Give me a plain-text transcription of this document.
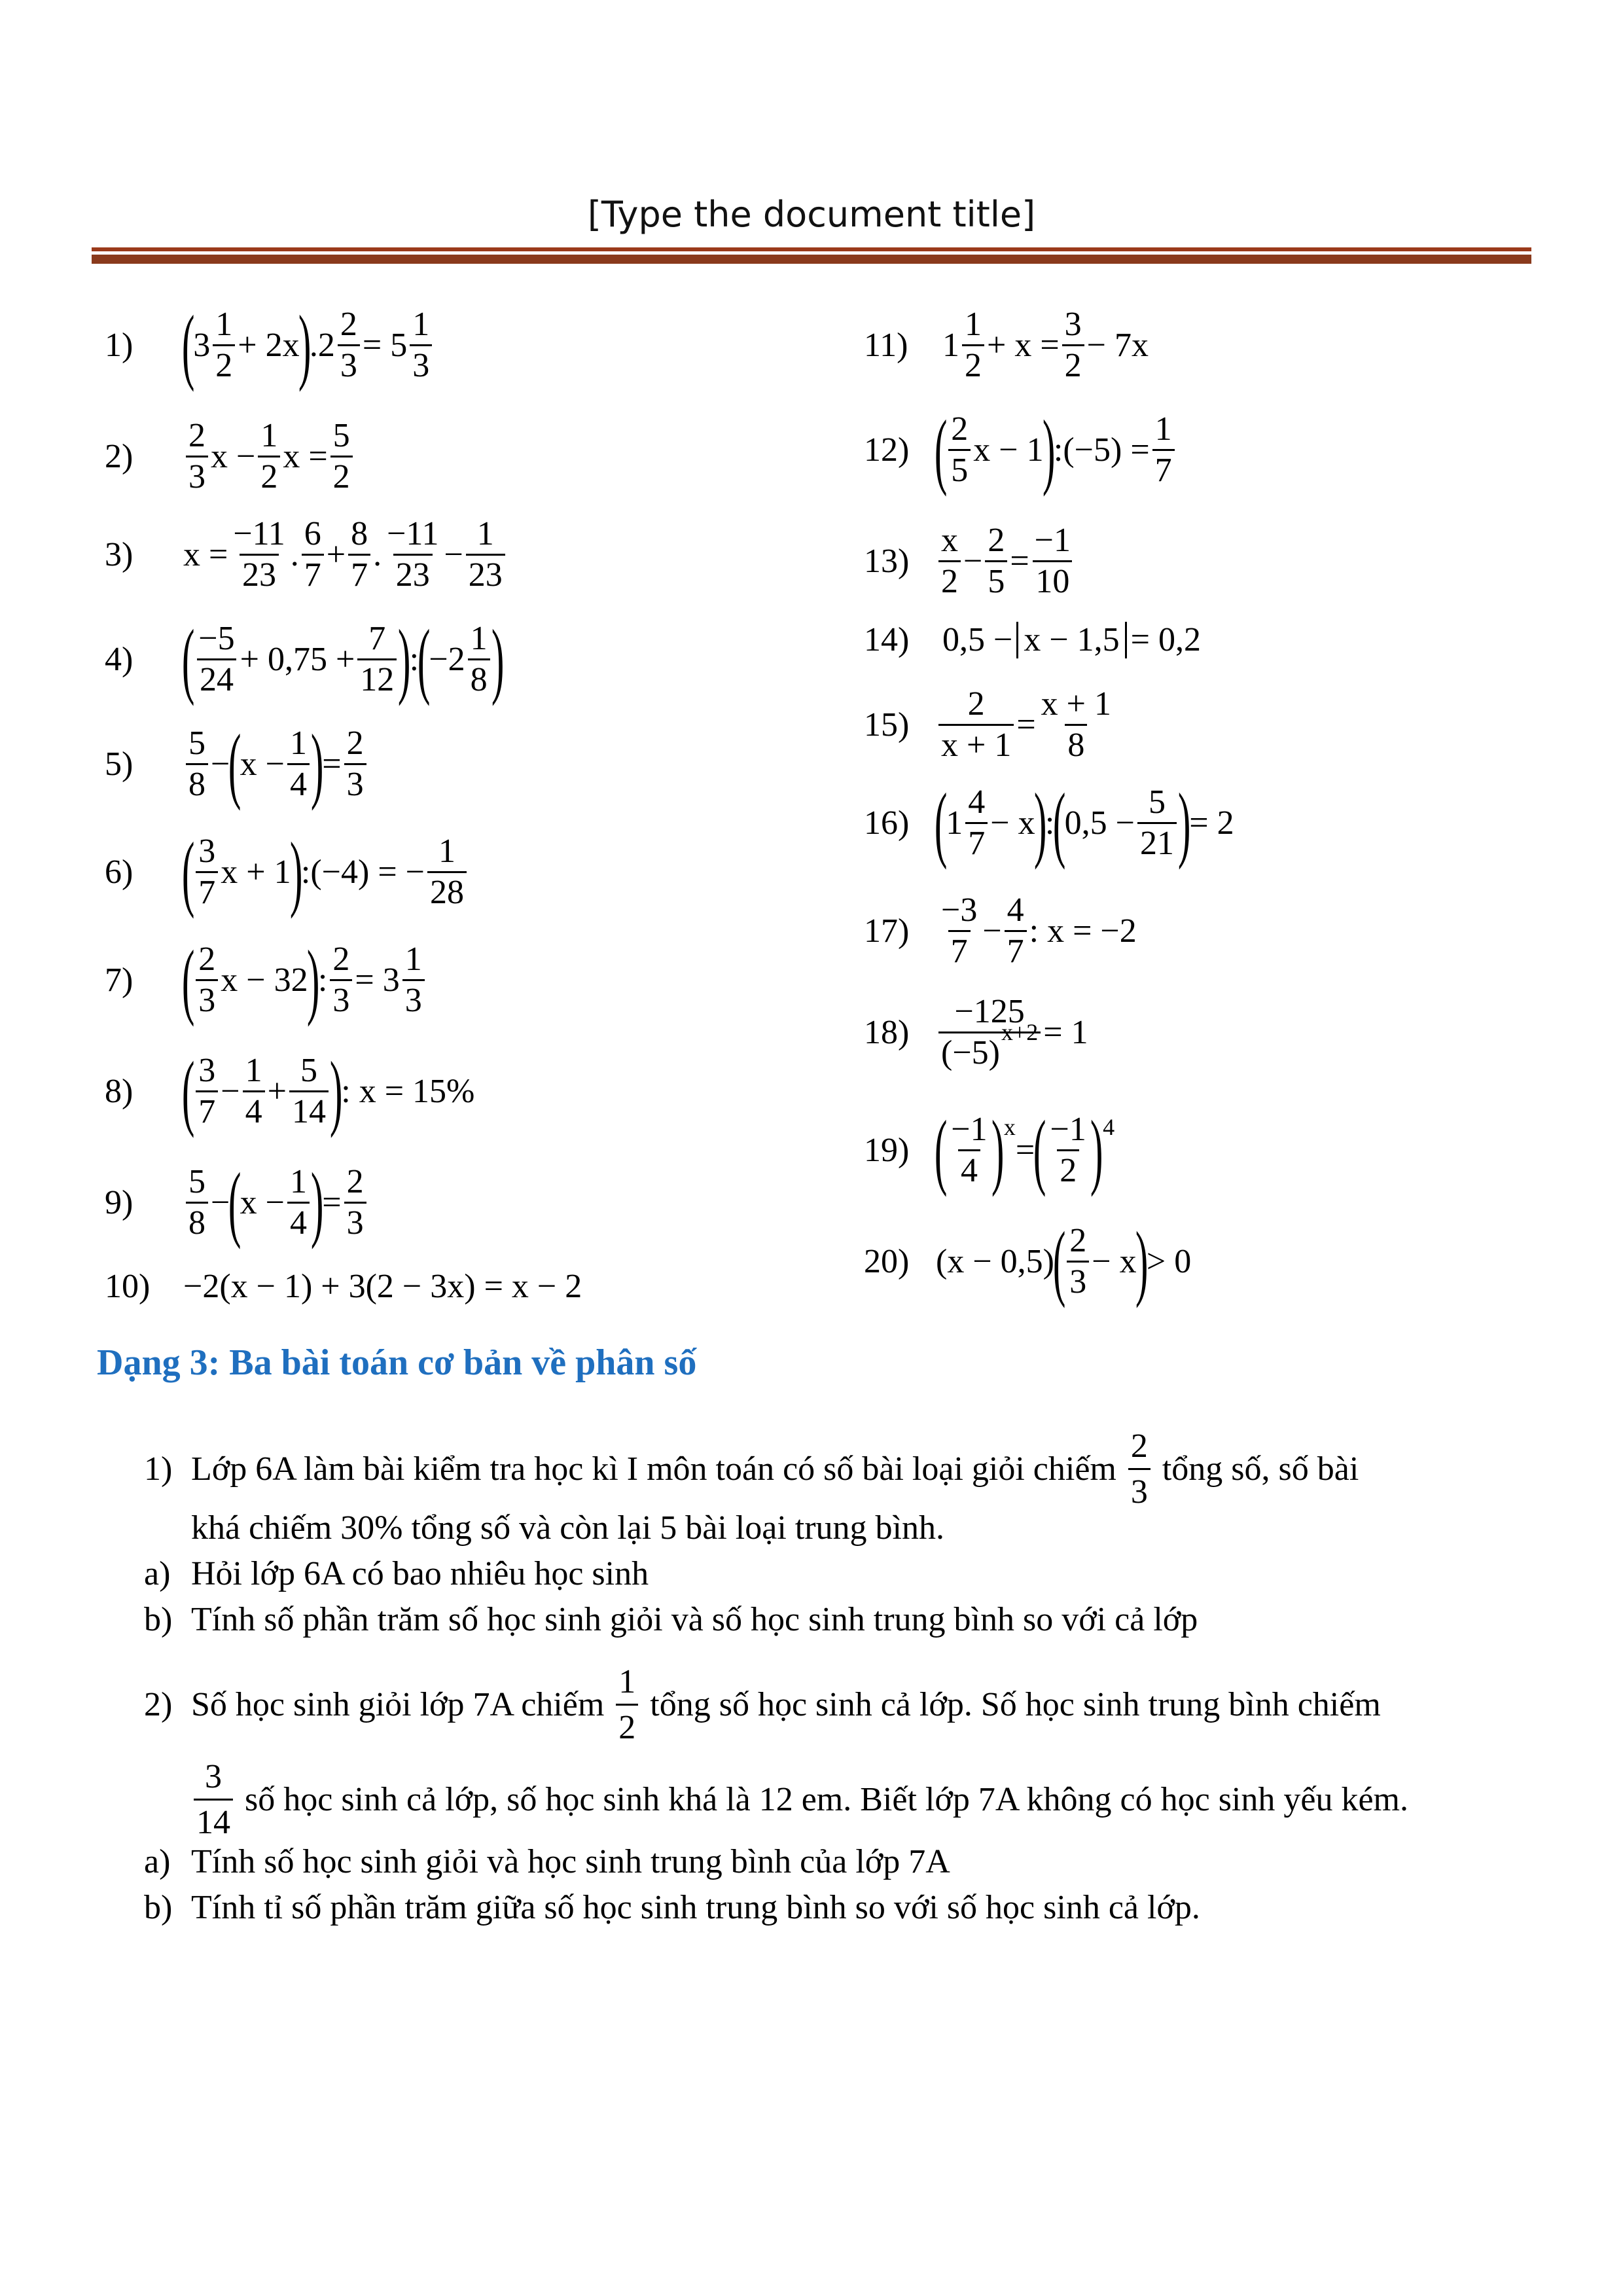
[Type the document title]
1) (
$3 \frac{1}{2} + 2x$
)
$.2 \frac{2}{3} = 5 \frac{1}{3}$
2)	$\frac{2}{3}$ $x - \frac{1}{2}$ $x = \frac{5}{2}$
3)	$x = \frac{-11}{23}$ . $\frac{6}{7} + \frac{8}{7}$ . $\frac{-11}{23} - \frac{1}{23}$
4) ( $\frac{-5}{24} + 0,75 + \frac{7}{12}$ )
:
(
$-2 \frac{1}{8}$ )
5)	$\frac{5}{8}$ −
(
$x - \frac{1}{4}$ )
= $\frac{2}{3}$
6) ( $\frac{3}{7}$ x + 1
)
:(−4) = − $\frac{1}{28}$
7) ( $\frac{2}{3}$ x − 32
)
: $\frac{2}{3} = 3 \frac{1}{3}$
8) ( $\frac{3}{7} - \frac{1}{4} + \frac{5}{14}$ )
: x = 15%
9)	$\frac{5}{8}$ −
(
$x - \frac{1}{4}$ )
= $\frac{2}{3}$
10) −2(x − 1) + 3(2 − 3x) = x − 2
11)	$1 \frac{1}{2} + x = \frac{3}{2} - 7x$
12) ( $\frac{2}{5}$ x − 1
)
:(−5) = $\frac{1}{7}$
$13) \frac{x}{2} - \frac{2}{5} = \frac{-1}{10}$
14) 0,5 − x − 1,5 = 0,2
$15) \frac{2}{x + 1} = \frac{x + 1}{8}$
16) (
$1 \frac{4}{7} - x$
)
:
(
$0,5 - \frac{5}{21}$ )
= 2
$17) \frac{-3}{7} - \frac{4}{7}$ : x = −2
$18) \frac{-125}{(-5)^{x+2}} = 1$
19) ( $\frac{-1}{4}$ ) x
=
( $\frac{-1}{2}$ ) 4
20) (x − 0,5)
( $\frac{2}{3} - x$
)
> 0
Dạng 3: Ba bài toán cơ bản về phân số
1) Lớp 6A làm bài kiểm tra học kì I môn toán có số bài loại giỏi chiếm $\frac{2}{3}$ tổng số, số bài
khá chiếm 30% tổng số và còn lại 5 bài loại trung bình.
a) Hỏi lớp 6A có bao nhiêu học sinh
b) Tính số phần trăm số học sinh giỏi và số học sinh trung bình so với cả lớp
2) Số học sinh giỏi lớp 7A chiếm $\frac{1}{2}$ tổng số học sinh cả lớp. Số học sinh trung bình chiếm
$\frac{3}{14}$ số học sinh cả lớp, số học sinh khá là 12 em. Biết lớp 7A không có học sinh yếu kém.
a) Tính số học sinh giỏi và học sinh trung bình của lớp 7A
b) Tính tỉ số phần trăm giữa số học sinh trung bình so với số học sinh cả lớp.
